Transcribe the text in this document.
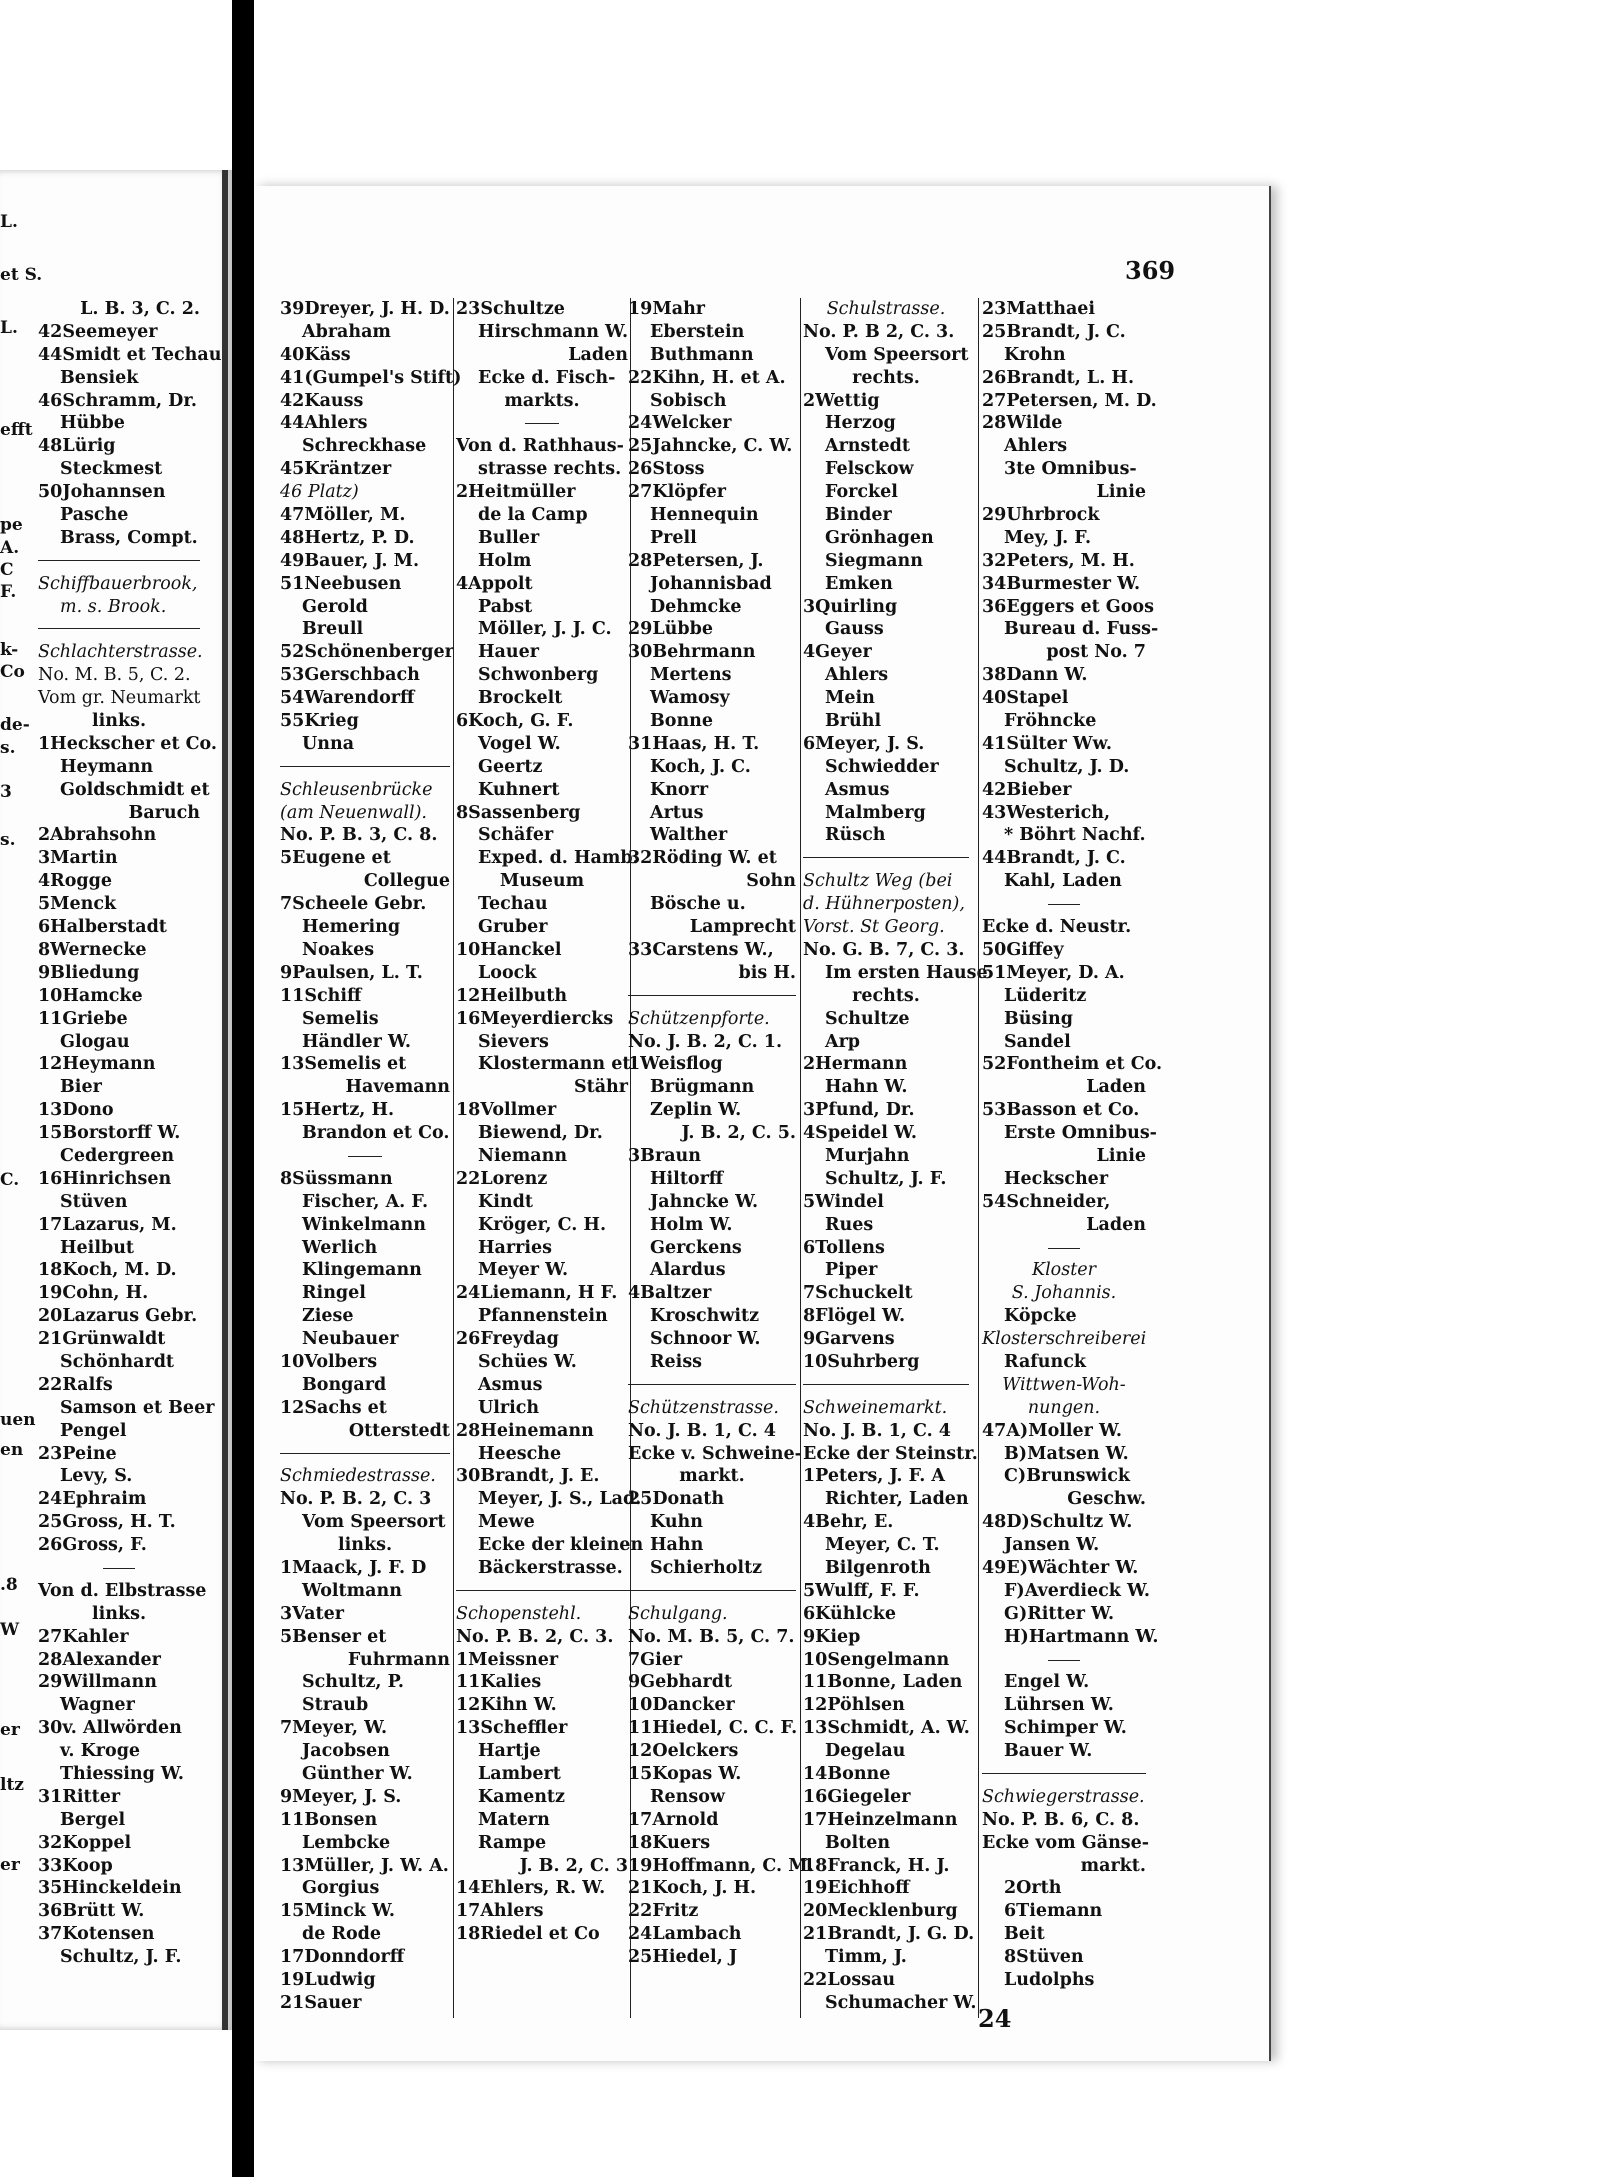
L. B. 3, C. 2.
42Seemeyer
44Smidt et Techau
Bensiek
46Schramm, Dr.
Hübbe
48Lürig
Steckmest
50Johannsen
Pasche
Brass, Compt.
Schiffbauerbrook,
m. s. Brook.
Schlachterstrasse.
No. M. B. 5, C. 2.
Vom gr. Neumarkt
links.
1Heckscher et Co.
Heymann
Goldschmidt et
Baruch
2Abrahsohn
3Martin
4Rogge
5Menck
6Halberstadt
8Wernecke
9Bliedung
10Hamcke
11Griebe
Glogau
12Heymann
Bier
13Dono
15Borstorff W.
Cedergreen
16Hinrichsen
Stüven
17Lazarus, M.
Heilbut
18Koch, M. D.
19Cohn, H.
20Lazarus Gebr.
21Grünwaldt
Schönhardt
22Ralfs
Samson et Beer
Pengel
23Peine
Levy, S.
24Ephraim
25Gross, H. T.
26Gross, F.
Von d. Elbstrasse
links.
27Kahler
28Alexander
29Willmann
Wagner
30v. Allwörden
v. Kroge
Thiessing W.
31Ritter
Bergel
32Koppel
33Koop
35Hinckeldein
36Brütt W.
37Kotensen
Schultz, J. F.
L.
et S.
L.
efft
pe
A.
C
F.
k-
Co
de-
s.
3
s.
C.
uen
en
.8
W
er
ltz
er
369
39Dreyer, J. H. D.
Abraham
40Käss
41(Gumpel's Stift)
42Kauss
44Ahlers
Schreckhase
45Kräntzer
46 Platz)
47Möller, M.
48Hertz, P. D.
49Bauer, J. M.
51Neebusen
Gerold
Breull
52Schönenberger
53Gerschbach
54Warendorff
55Krieg
Unna
Schleusenbrücke
(am Neuenwall).
No. P. B. 3, C. 8.
5Eugene et
Collegue
7Scheele Gebr.
Hemering
Noakes
9Paulsen, L. T.
11Schiff
Semelis
Händler W.
13Semelis et
Havemann
15Hertz, H.
Brandon et Co.
8Süssmann
Fischer, A. F.
Winkelmann
Werlich
Klingemann
Ringel
Ziese
Neubauer
10Volbers
Bongard
12Sachs et
Otterstedt
Schmiedestrasse.
No. P. B. 2, C. 3
Vom Speersort
links.
1Maack, J. F. D
Woltmann
3Vater
5Benser et
Fuhrmann
Schultz, P.
Straub
7Meyer, W.
Jacobsen
Günther W.
9Meyer, J. S.
11Bonsen
Lembcke
13Müller, J. W. A.
Gorgius
15Minck W.
de Rode
17Donndorff
19Ludwig
21Sauer
23Schultze
Hirschmann W.
Laden
Ecke d. Fisch-
markts.
Von d. Rathhaus-
strasse rechts.
2Heitmüller
de la Camp
Buller
Holm
4Appolt
Pabst
Möller, J. J. C.
Hauer
Schwonberg
Brockelt
6Koch, G. F.
Vogel W.
Geertz
Kuhnert
8Sassenberg
Schäfer
Exped. d. Hamb.
Museum
Techau
Gruber
10Hanckel
Loock
12Heilbuth
16Meyerdiercks
Sievers
Klostermann et
Stähr
18Vollmer
Biewend, Dr.
Niemann
22Lorenz
Kindt
Kröger, C. H.
Harries
Meyer W.
24Liemann, H F.
Pfannenstein
26Freydag
Schües W.
Asmus
Ulrich
28Heinemann
Heesche
30Brandt, J. E.
Meyer, J. S., Lad.
Mewe
Ecke der kleinen
Bäckerstrasse.
Schopenstehl.
No. P. B. 2, C. 3.
1Meissner
11Kalies
12Kihn W.
13Scheffler
Hartje
Lambert
Kamentz
Matern
Rampe
J. B. 2, C. 3
14Ehlers, R. W.
17Ahlers
18Riedel et Co
19Mahr
Eberstein
Buthmann
22Kihn, H. et A.
Sobisch
24Welcker
25Jahncke, C. W.
26Stoss
27Klöpfer
Hennequin
Prell
28Petersen, J.
Johannisbad
Dehmcke
29Lübbe
30Behrmann
Mertens
Wamosy
Bonne
31Haas, H. T.
Koch, J. C.
Knorr
Artus
Walther
32Röding W. et
Sohn
Bösche u.
Lamprecht
33Carstens W.,
bis H.
Schützenpforte.
No. J. B. 2, C. 1.
1Weisflog
Brügmann
Zeplin W.
J. B. 2, C. 5.
3Braun
Hiltorff
Jahncke W.
Holm W.
Gerckens
Alardus
4Baltzer
Kroschwitz
Schnoor W.
Reiss
Schützenstrasse.
No. J. B. 1, C. 4
Ecke v. Schweine-
markt.
25Donath
Kuhn
Hahn
Schierholtz
Schulgang.
No. M. B. 5, C. 7.
7Gier
9Gebhardt
10Dancker
11Hiedel, C. C. F.
12Oelckers
15Kopas W.
Rensow
17Arnold
18Kuers
19Hoffmann, C. M.
21Koch, J. H.
22Fritz
24Lambach
25Hiedel, J
Schulstrasse.
No. P. B 2, C. 3.
Vom Speersort
rechts.
2Wettig
Herzog
Arnstedt
Felsckow
Forckel
Binder
Grönhagen
Siegmann
Emken
3Quirling
Gauss
4Geyer
Ahlers
Mein
Brühl
6Meyer, J. S.
Schwiedder
Asmus
Malmberg
Rüsch
Schultz Weg (bei
d. Hühnerposten),
Vorst. St Georg.
No. G. B. 7, C. 3.
Im ersten Hause
rechts.
Schultze
Arp
2Hermann
Hahn W.
3Pfund, Dr.
4Speidel W.
Murjahn
Schultz, J. F.
5Windel
Rues
6Tollens
Piper
7Schuckelt
8Flögel W.
9Garvens
10Suhrberg
Schweinemarkt.
No. J. B. 1, C. 4
Ecke der Steinstr.
1Peters, J. F. A
Richter, Laden
4Behr, E.
Meyer, C. T.
Bilgenroth
5Wulff, F. F.
6Kühlcke
9Kiep
10Sengelmann
11Bonne, Laden
12Pöhlsen
13Schmidt, A. W.
Degelau
14Bonne
16Giegeler
17Heinzelmann
Bolten
18Franck, H. J.
19Eichhoff
20Mecklenburg
21Brandt, J. G. D.
Timm, J.
22Lossau
Schumacher W.
23Matthaei
25Brandt, J. C.
Krohn
26Brandt, L. H.
27Petersen, M. D.
28Wilde
Ahlers
3te Omnibus-
Linie
29Uhrbrock
Mey, J. F.
32Peters, M. H.
34Burmester W.
36Eggers et Goos
Bureau d. Fuss-
post No. 7
38Dann W.
40Stapel
Fröhncke
41Sülter Ww.
Schultz, J. D.
42Bieber
43Westerich,
* Böhrt Nachf.
44Brandt, J. C.
Kahl, Laden
Ecke d. Neustr.
50Giffey
51Meyer, D. A.
Lüderitz
Büsing
Sandel
52Fontheim et Co.
Laden
53Basson et Co.
Erste Omnibus-
Linie
Heckscher
54Schneider,
Laden
Kloster
S. Johannis.
Köpcke
Klosterschreiberei
Rafunck
Wittwen-Woh-
nungen.
47A)Moller W.
B)Matsen W.
C)Brunswick
Geschw.
48D)Schultz W.
Jansen W.
49E)Wächter W.
F)Averdieck W.
G)Ritter W.
H)Hartmann W.
Engel W.
Lührsen W.
Schimper W.
Bauer W.
Schwiegerstrasse.
No. P. B. 6, C. 8.
Ecke vom Gänse-
markt.
2Orth
6Tiemann
Beit
8Stüven
Ludolphs
24
